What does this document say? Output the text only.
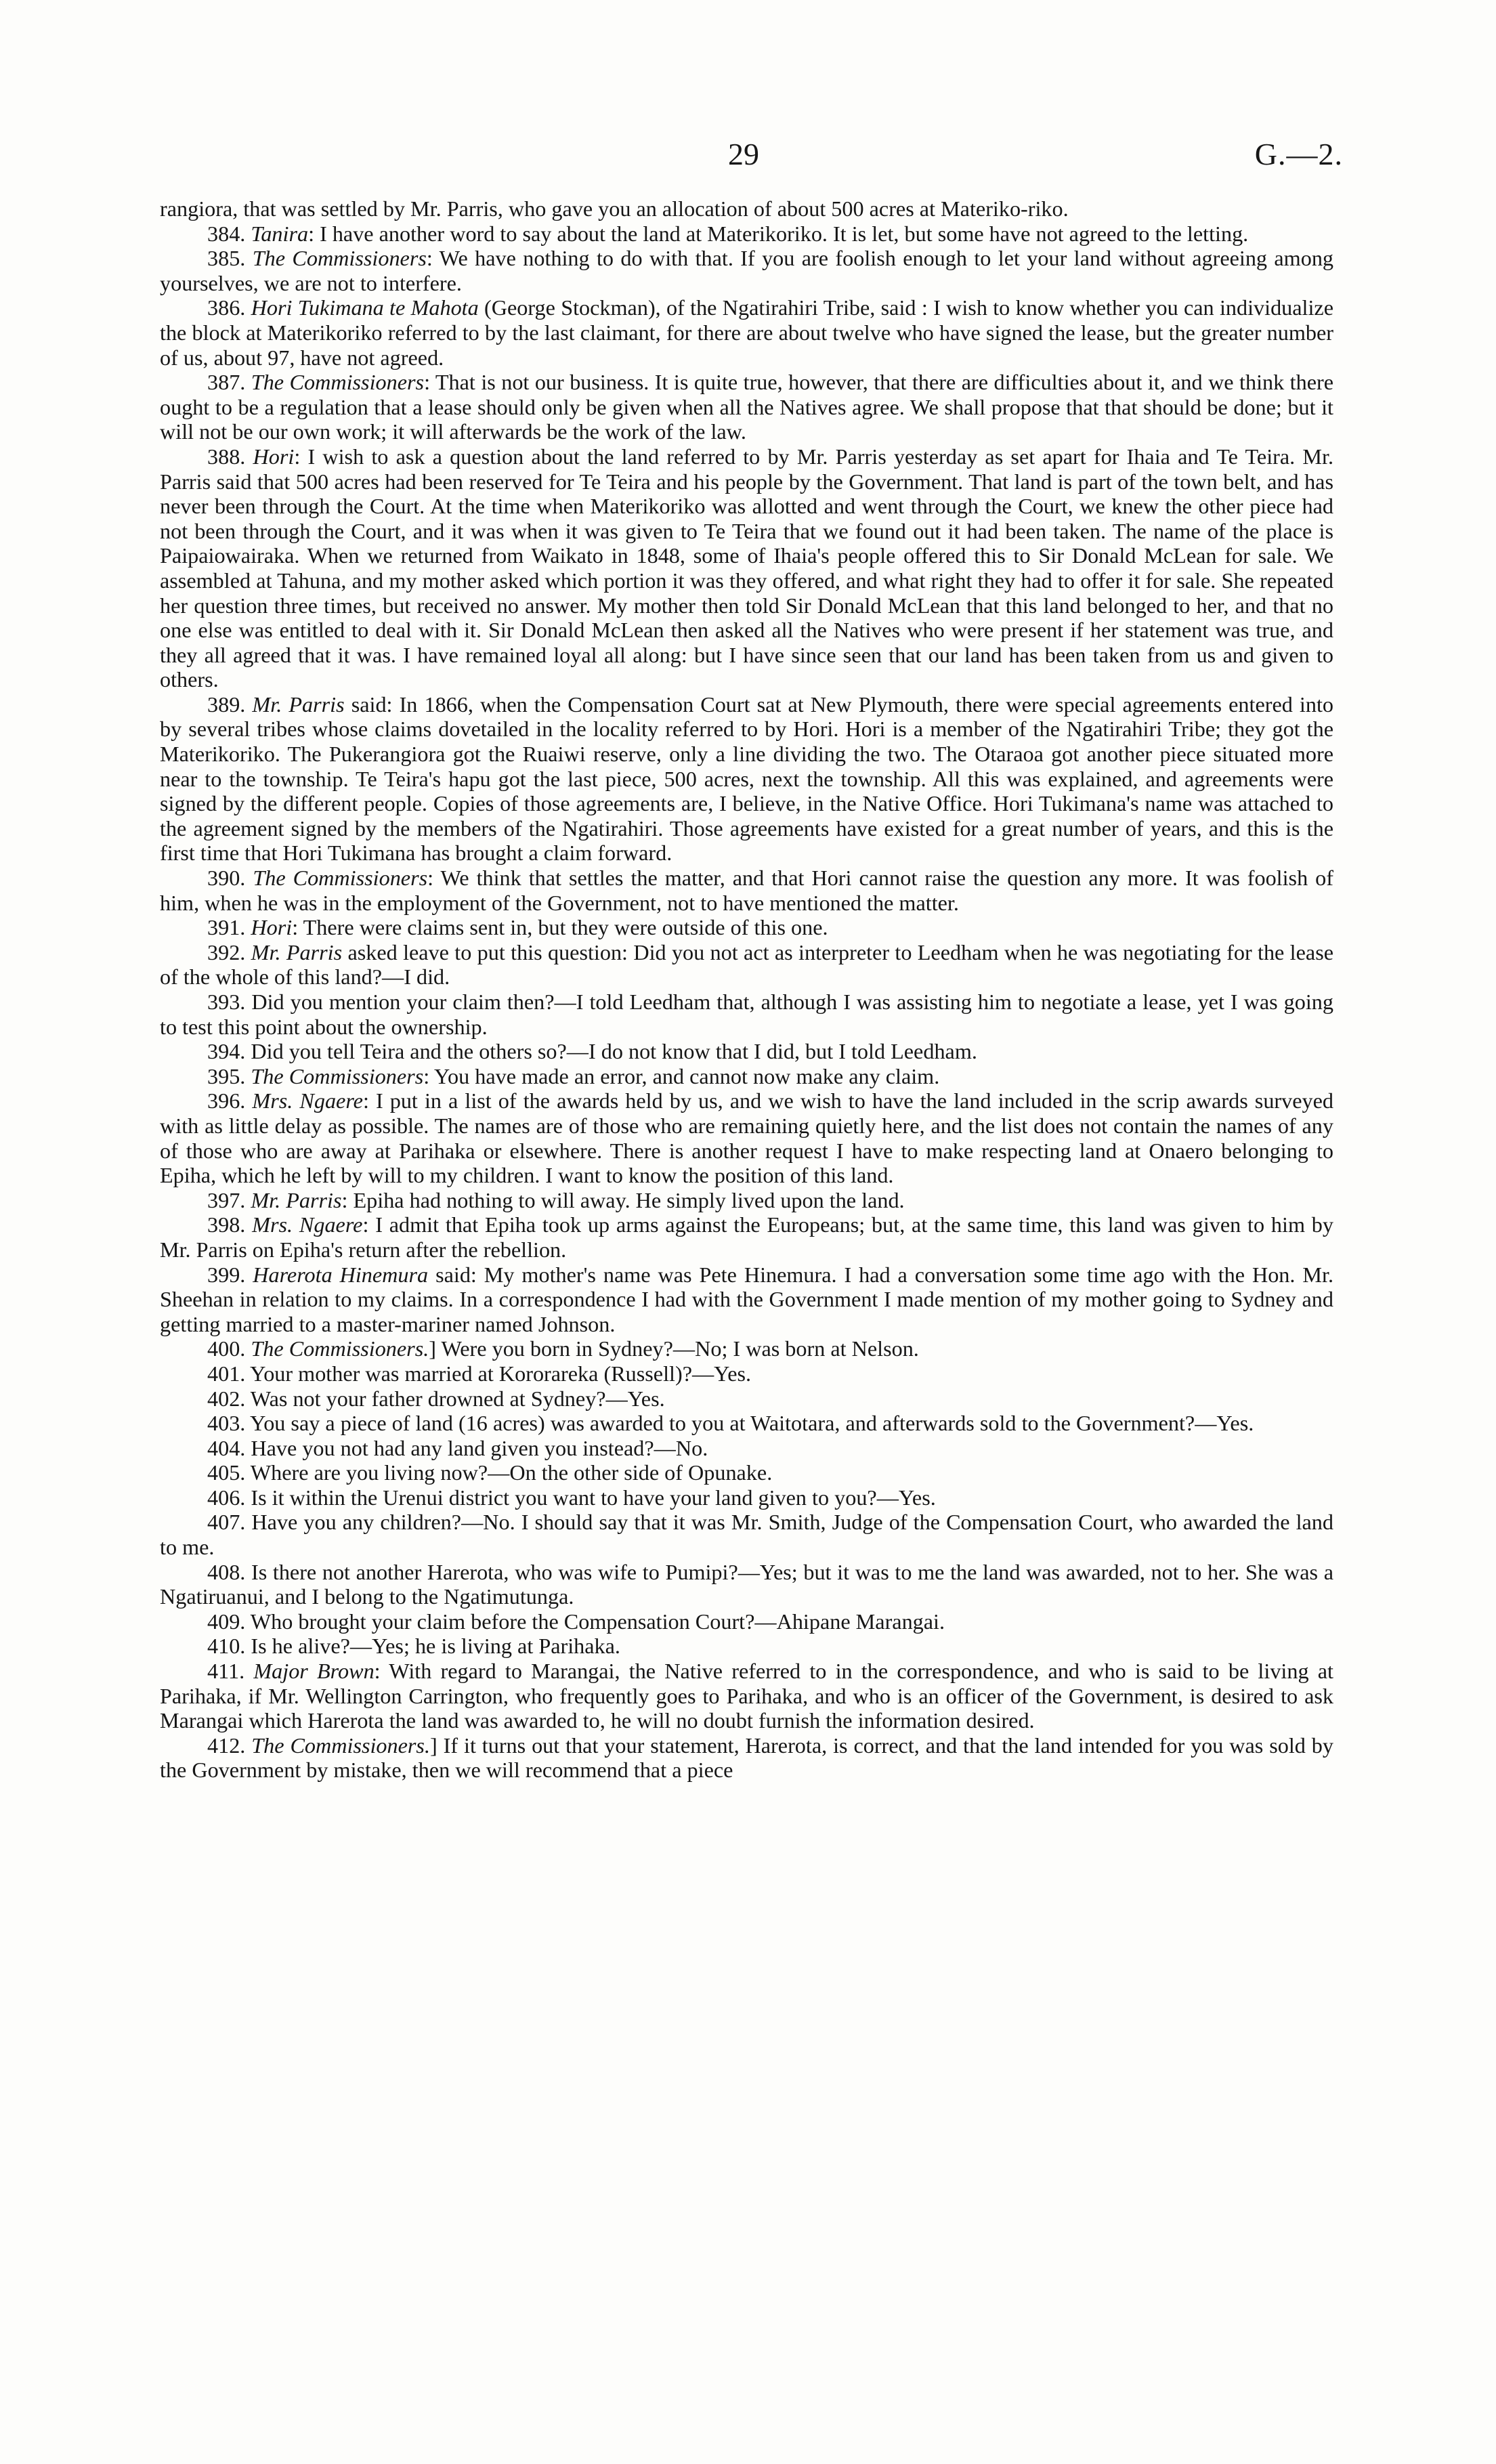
29	G.—2.

rangiora, that was settled by Mr. Parris, who gave you an allocation of about 500 acres at Materiko-riko.

384. Tanira: I have another word to say about the land at Materikoriko. It is let, but some have not agreed to the letting.

385. The Commissioners: We have nothing to do with that. If you are foolish enough to let your land without agreeing among yourselves, we are not to interfere.

386. Hori Tukimana te Mahota (George Stockman), of the Ngatirahiri Tribe, said : I wish to know whether you can individualize the block at Materikoriko referred to by the last claimant, for there are about twelve who have signed the lease, but the greater number of us, about 97, have not agreed.

387. The Commissioners: That is not our business. It is quite true, however, that there are difficulties about it, and we think there ought to be a regulation that a lease should only be given when all the Natives agree. We shall propose that that should be done; but it will not be our own work; it will afterwards be the work of the law.

388. Hori: I wish to ask a question about the land referred to by Mr. Parris yesterday as set apart for Ihaia and Te Teira. Mr. Parris said that 500 acres had been reserved for Te Teira and his people by the Government. That land is part of the town belt, and has never been through the Court. At the time when Materikoriko was allotted and went through the Court, we knew the other piece had not been through the Court, and it was when it was given to Te Teira that we found out it had been taken. The name of the place is Paipaiowairaka. When we returned from Waikato in 1848, some of Ihaia's people offered this to Sir Donald McLean for sale. We assembled at Tahuna, and my mother asked which portion it was they offered, and what right they had to offer it for sale. She repeated her question three times, but received no answer. My mother then told Sir Donald McLean that this land belonged to her, and that no one else was entitled to deal with it. Sir Donald McLean then asked all the Natives who were present if her statement was true, and they all agreed that it was. I have remained loyal all along: but I have since seen that our land has been taken from us and given to others.

389. Mr. Parris said: In 1866, when the Compensation Court sat at New Plymouth, there were special agreements entered into by several tribes whose claims dovetailed in the locality referred to by Hori. Hori is a member of the Ngatirahiri Tribe; they got the Materikoriko. The Pukerangiora got the Ruaiwi reserve, only a line dividing the two. The Otaraoa got another piece situated more near to the township. Te Teira's hapu got the last piece, 500 acres, next the township. All this was explained, and agreements were signed by the different people. Copies of those agreements are, I believe, in the Native Office. Hori Tukimana's name was attached to the agreement signed by the members of the Ngatirahiri. Those agreements have existed for a great number of years, and this is the first time that Hori Tukimana has brought a claim forward.

390. The Commissioners: We think that settles the matter, and that Hori cannot raise the question any more. It was foolish of him, when he was in the employment of the Government, not to have mentioned the matter.

391. Hori: There were claims sent in, but they were outside of this one.

392. Mr. Parris asked leave to put this question: Did you not act as interpreter to Leedham when he was negotiating for the lease of the whole of this land?—I did.

393. Did you mention your claim then?—I told Leedham that, although I was assisting him to negotiate a lease, yet I was going to test this point about the ownership.

394. Did you tell Teira and the others so?—I do not know that I did, but I told Leedham.

395. The Commissioners: You have made an error, and cannot now make any claim.

396. Mrs. Ngaere: I put in a list of the awards held by us, and we wish to have the land included in the scrip awards surveyed with as little delay as possible. The names are of those who are remaining quietly here, and the list does not contain the names of any of those who are away at Parihaka or elsewhere. There is another request I have to make respecting land at Onaero belonging to Epiha, which he left by will to my children. I want to know the position of this land.

397. Mr. Parris: Epiha had nothing to will away. He simply lived upon the land.

398. Mrs. Ngaere: I admit that Epiha took up arms against the Europeans; but, at the same time, this land was given to him by Mr. Parris on Epiha's return after the rebellion.

399. Harerota Hinemura said: My mother's name was Pete Hinemura. I had a conversation some time ago with the Hon. Mr. Sheehan in relation to my claims. In a correspondence I had with the Government I made mention of my mother going to Sydney and getting married to a master-mariner named Johnson.

400. The Commissioners.] Were you born in Sydney?—No; I was born at Nelson.

401. Your mother was married at Kororareka (Russell)?—Yes.

402. Was not your father drowned at Sydney?—Yes.

403. You say a piece of land (16 acres) was awarded to you at Waitotara, and afterwards sold to the Government?—Yes.

404. Have you not had any land given you instead?—No.

405. Where are you living now?—On the other side of Opunake.

406. Is it within the Urenui district you want to have your land given to you?—Yes.

407. Have you any children?—No. I should say that it was Mr. Smith, Judge of the Compensation Court, who awarded the land to me.

408. Is there not another Harerota, who was wife to Pumipi?—Yes; but it was to me the land was awarded, not to her. She was a Ngatiruanui, and I belong to the Ngatimutunga.

409. Who brought your claim before the Compensation Court?—Ahipane Marangai.

410. Is he alive?—Yes; he is living at Parihaka.

411. Major Brown: With regard to Marangai, the Native referred to in the correspondence, and who is said to be living at Parihaka, if Mr. Wellington Carrington, who frequently goes to Parihaka, and who is an officer of the Government, is desired to ask Marangai which Harerota the land was awarded to, he will no doubt furnish the information desired.

412. The Commissioners.] If it turns out that your statement, Harerota, is correct, and that the land intended for you was sold by the Government by mistake, then we will recommend that a piece
